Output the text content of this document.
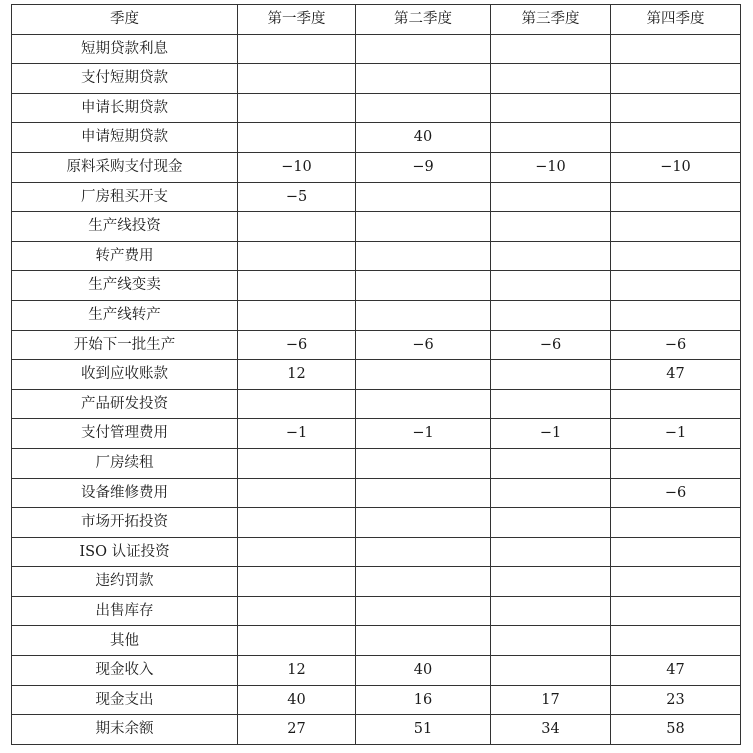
季度	第一季度	第二季度	第三季度	第四季度
短期贷款利息				
支付短期贷款				
申请长期贷款				
申请短期贷款		40		
原料采购支付现金	−10	−9	−10	−10
厂房租买开支	−5			
生产线投资				
转产费用				
生产线变卖				
生产线转产				
开始下一批生产	−6	−6	−6	−6
收到应收账款	12			47
产品研发投资				
支付管理费用	−1	−1	−1	−1
厂房续租				
设备维修费用				−6
市场开拓投资				
ISO 认证投资				
违约罚款				
出售库存				
其他				
现金收入	12	40		47
现金支出	40	16	17	23
期末余额	27	51	34	58
